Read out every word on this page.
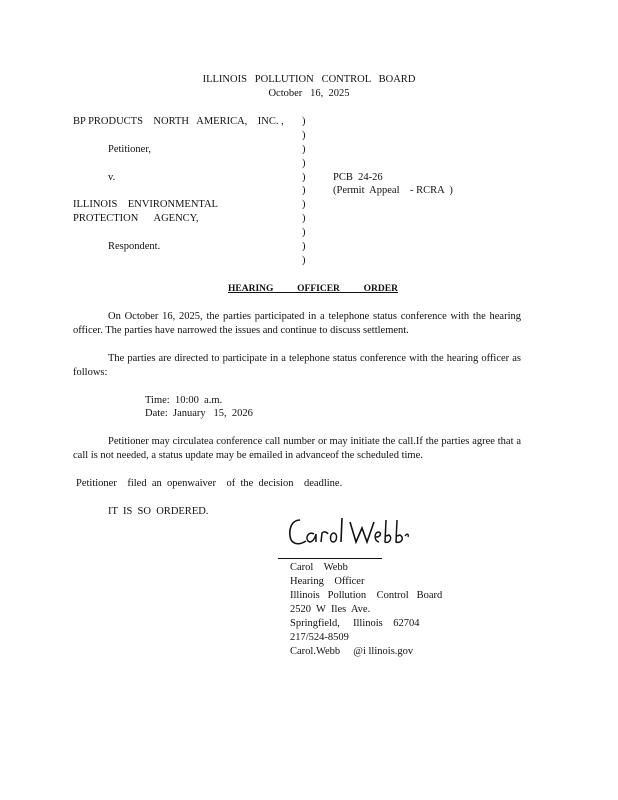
ILLINOIS   POLLUTION   CONTROL   BOARD
October   16,  2025
BP PRODUCTS    NORTH   AMERICA,    INC. ,
Petitioner,
v.
ILLINOIS    ENVIRONMENTAL
PROTECTION      AGENCY,
Respondent.
)
)
)
)
)
)
)
)
)
)
)
PCB  24-26
(Permit  Appeal    - RCRA  )
HEARING          OFFICER          ORDER
On October 16, 2025, the parties participated in a telephone status conference with the hearing officer. The parties have narrowed the issues and continue to discuss settlement.
The parties are directed to participate in a telephone status conference with the hearing officer as follows:
Time:  10:00  a.m.
Date:  January   15,  2026
Petitioner may circulatea conference call number or may initiate the call.If the parties agree that a call is not needed, a status update may be emailed in advanceof the scheduled time.
Petitioner    filed  an  openwaiver    of  the  decision    deadline.
IT  IS  SO  ORDERED.
Carol    Webb
Hearing    Officer
Illinois   Pollution    Control   Board
2520  W  Iles  Ave.
Springfield,     Illinois    62704
217/524-8509
Carol.Webb     @i llinois.gov
